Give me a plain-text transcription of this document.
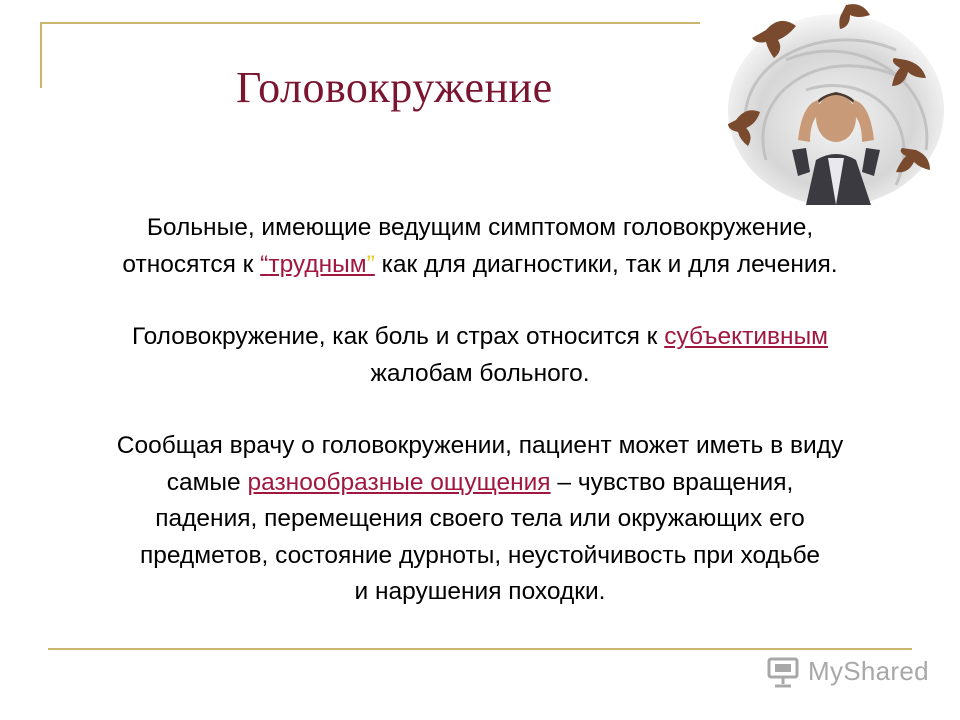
Головокружение

Больные, имеющие ведущим симптомом головокружение,
относятся к “трудным” как для диагностики, так и для лечения.

Головокружение, как боль и страх относится к субъективным
жалобам больного.

Сообщая врачу о головокружении, пациент может иметь в виду
самые разнообразные ощущения – чувство вращения,
падения, перемещения своего тела или окружающих его
предметов, состояние дурноты, неустойчивость при ходьбе
и нарушения походки.

MyShared
